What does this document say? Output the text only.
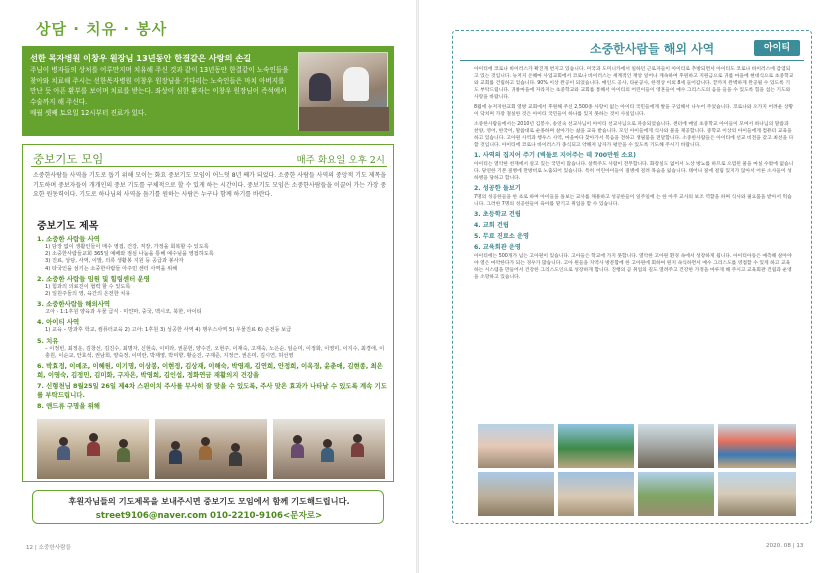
상담 · 치유 · 봉사
선한 목자병원 이창우 원장님 13년동안 한결같은 사랑의 손길
주님이 병자들의 상처를 어루만지며 치유해 주신 것과 같이 13년동안 한결같이 노숙인들을 찾아와 치료해 주시는 선한목자병원 이창우 원장님을 기다리는 노숙인들은 마치 아버지를 만난 듯 아픈 환부를 보이며 치료를 받는다. 좌상이 심한 환자는 이창우 원장님이 즉석에서 수술까지 해 주신다.
매월 셋째 토요일 12시부터 진료가 있다.
중보기도 모임	매주 화요일 오후 2시
소중한사람들 사역을 기도로 돕기 위해 모이는 화요 중보기도 모임이 어느덧 8년 째가 되었다. 소중한 사람들 사역의 중앙적 기도 제목을 기도하며 중보자들이 개개인의 중보 기도를 구체적으로 할 수 있게 하는 시간이다. 중보기도 모임은 소중한사람들을 이끌어 가는 가장 중요한 원동력이다. 기도로 하나님의 사역을 듬기를 원하는 사람은 누구나 함께 하기를 바란다.
중보기도 제목
1. 소중한 사람들 사역
1) 담장 없이 생활인들이 매수 영접, 건강, 직장, 가정을 회복할 수 있도록
2) 소중한사람들교회 365일 예배와 점심 나눔을 통해 예수님을 영접하도록
3) 진료, 상담, 사역, 이발, 의류 생활봉 지원 등 공급과 봉사자
4) 타국인을 섬기는 소중한사람들 아주민 센터 사역을 위해
2. 소중한 사람들 임원 및 힐링센터 운영
1) 힘과의 의료진이 협력 할 수 있도록
2) 일원주들의 영, 육간의 온전한 치유
3. 소중한사람들 해외사역
고아 · 1:1후원 양육과 우물 급식 · 미얀마, 중국, 멕시코, 북한, 아이티
4. 아이티 사역
1) 교육 – 방과후 학교, 컴퓨터교육 2) 고아: 1후원 3) 성공한 사역 4) 행우스사역 5) 우물진료 6) 손전등 보급
5. 치유
– 이정빈, 최정운, 김창선, 김진수, 최명자, 신현숙, 이미라, 권문헌, 양수진, 오현주, 이재숙, 고재숙, 노은순, 임순미, 이정화, 이영미, 이지수, 최경애, 이충원, 이순교, 안효석, 권남희, 양숙정, 이미란, 박재영, 박미향, 황순진, 구재준, 지정근, 권은미, 김시연, 허선영
6. 박효정, 이예조, 이혜원, 이기명, 이상봉, 이현정, 김상재, 이해숙, 박영재, 김연희, 안정희, 이옥경, 윤춘애, 김현종, 최은희, 이영숙, 김정민, 김미화, 구자은, 박영희, 김인섭, 정화연금 재활의지 건강을
7. 신형천님 8월25일 26일 제4차 스핀이치 주사를 무사히 잘 맞을 수 있도록, 주사 맞은 효과가 나타날 수 있도록 계속 기도를 부탁드립니다.
8. 앤드류 구명을 위해
후원자님들의 기도제목을 보내주시면 중보기도 모임에서 함께 기도해드립니다.
street9106@naver.com 010-2210-9106<문자로>
12 | 소중한사람들
소중한사람들 해외 사역	아이티

아이티에 코로나 바이러스가 확진게 번지고 있습니다. 미국과 도미니카에서 일하던 근로자들이 아이티로 추방되면서 아이티도 코로나 바이러스에 감염되고 있는 것입니다. 뉴저지 온해마 사업교회에서 코로나 바이러스는 세계적인 재앙 일어나 계속하여 후원하고 지원금으로 귀를 마을에 현대식으로 초중학교와 교회를 건립하고 있습니다. 90% 이상 완공이 되었습니다. 매인드 공사, 타운공사, 한정상 이외 8세 들어갑니다. 끝까지 완벽하게 완공될 수 있도록 기도 부탁드립니다. 귀룡마을에 자라지는 초중학교와 교회를 통해서 아이티의 어린이들이 영혼들이 예수 그리스도의 음을 들을 수 있도록 힘을 섬는 기도와 사랑을 바랍니다.

8월에 뉴저지한교회 열방 교회에서 후원해 주신 2,500종 사랑이 없는 아이티 국민들에게 쌀을 구입해서 나누어 주었습니다. 코로나와 오가지 어려운 상황이 닥치며 가장 절실한 것은 아이티 국민들이 하나를 있지 못하는 것이 사실입니다.

소중한사람들에서는 2010년 김봉수, 송연숙 선교사님이 아이티 선교사님으로 파송되었습니다. 센터에 매일 초중학교 아이들이 모여서 하나님의 말씀과 찬양, 영어, 한국어, 말씀대로 순종하며 살아가는 삶을 교육 받습니다. 모인 아이들에게 식사와 물을 제공합니다. 중학교 이상의 아이들에게 컴퓨터 교육을 하고 있습니다. 고아원 사역과 행우스 사역, 마을마다 찾아가서 복음을 전하고 생필품을 전달합니다. 소중한사람들은 아이티에 선교 비전을 갖고 최선을 다할 것입니다. 아이티에 코로나 바이러스가 종식되고 약해져 남자가 평안을 수 있도록 기도해 주시기 바랍니다.

1. 사역의 집지어 주기 (벽돌로 지어주는 데 700만원 소요)

아이티는 열악한 천재에서 살고 있는 국민이 많습니다. 살쪽주도 사람이 전무합니다. 화장실도 없어서 노상 방뇨를 하므로 오염된 물을 마실 수밖에 없습니다. 당연한 기본 질병에 만방비로 노출되어 있습니다. 특히 어린아이들이 질병에 걸려 목숨을 잃습니다. 태어나 질에 걸림 있지가 않아서 어른 소사들이 성하병을 당하고 합니다.

2. 성공한 돌보기

7명의 성공한들을 한 초로 하여 아이들을 돌보는 교사를 채용하고 성공한들이 일주일에 는 한 아주 교사의 보조 역할을 하며 식사와 필요품을 받아서 먹습니다. 그러한 7명의 성공한들이 육아를 맡기고 취업을 할 수 있습니다.

3. 초등학교 건립
4. 교회 건립
5. 무료 진료소 운영
6. 교육회관 운영

아이티에는 500개가 넘는 고아원이 있습니다. 고아들은 학교에 가지 못합니다. 열악한 고아원 환경 속에서 성장하게 됩니다. 아이티아동은 예측해 살아야야 열은 마약한다가 되는 경우가 많습니다. 고아 원들을 지역사 방문함에 한 고아원에 회하여 원지 속식하면서 예수 그리스도를 영접할 수 있게 하고 교육하는 시스템을 만들어서 건강한 그리스도인으로 성장하게 합니다. 진행의 곧 취업의 길도 열려주고 건강한 가정을 마루게 해 주시고 교육회관 건립과 운영을 소망하고 있습니다.

2020. 08 | 13
